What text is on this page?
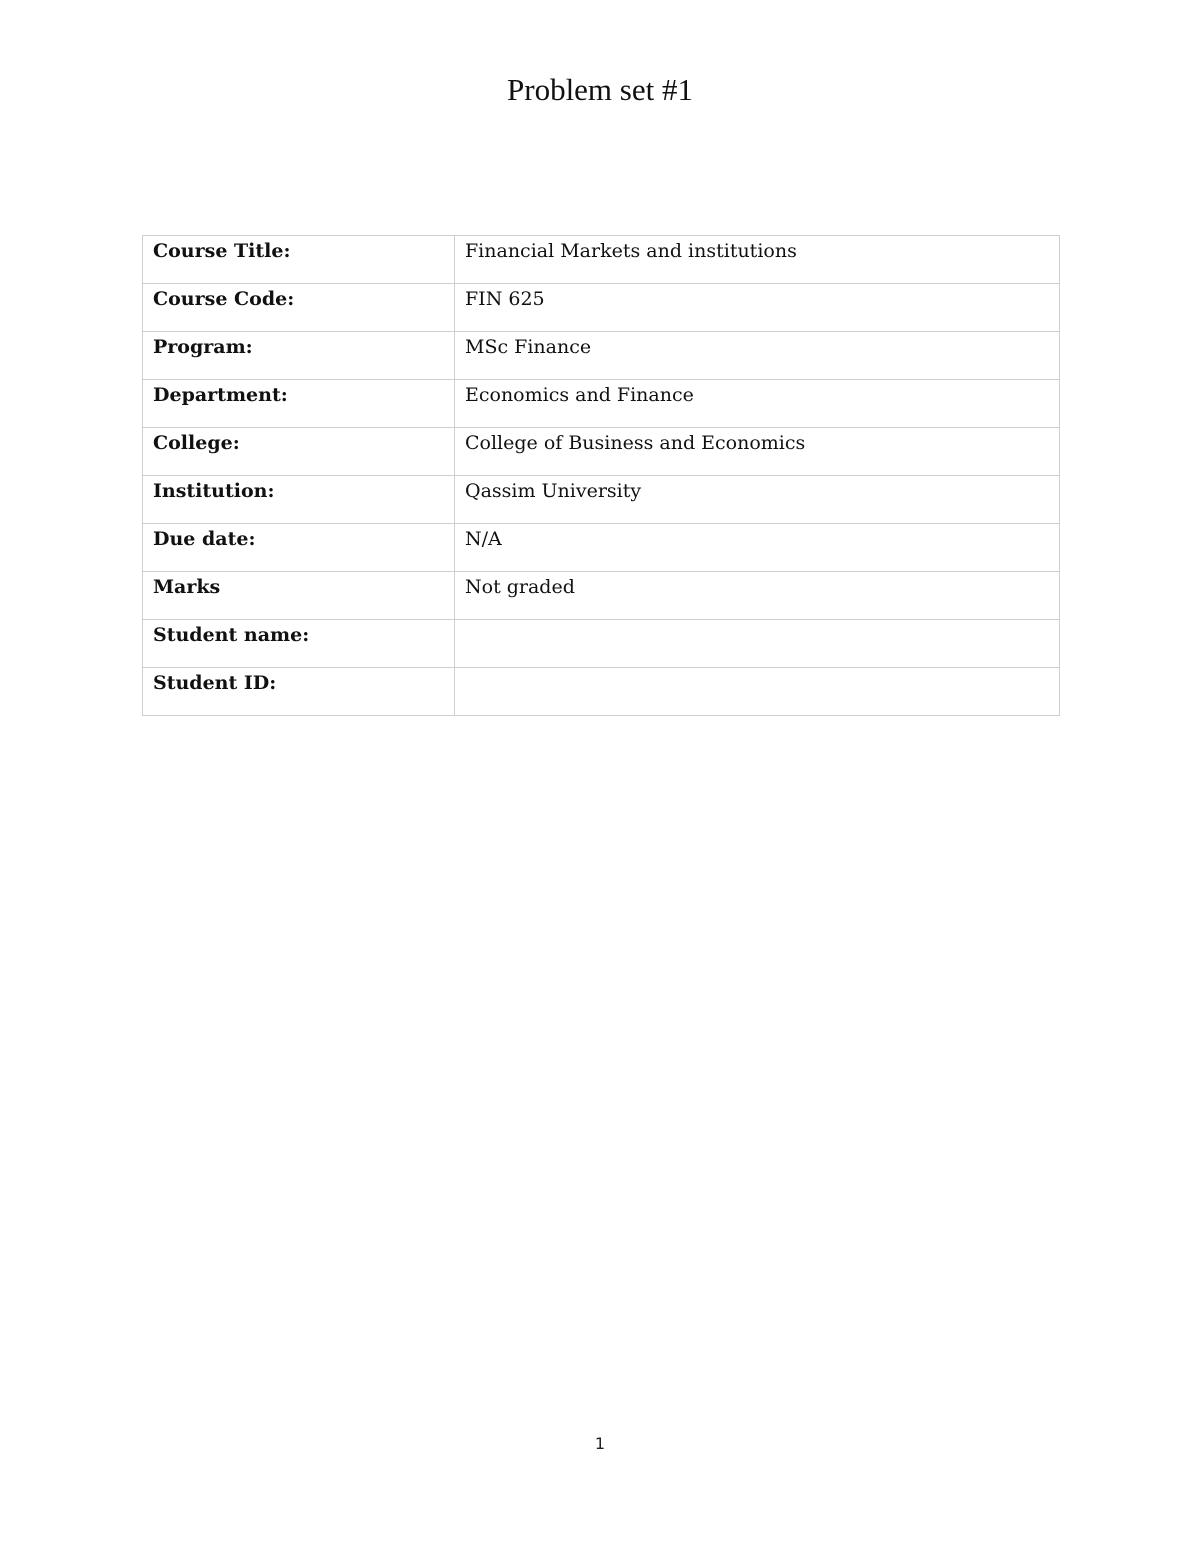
Problem set #1
Course Title:	Financial Markets and institutions
Course Code:	FIN 625
Program:	MSc Finance
Department:	Economics and Finance
College:	College of Business and Economics
Institution:	Qassim University
Due date:	N/A
Marks	Not graded
Student name:	
Student ID:	
1
